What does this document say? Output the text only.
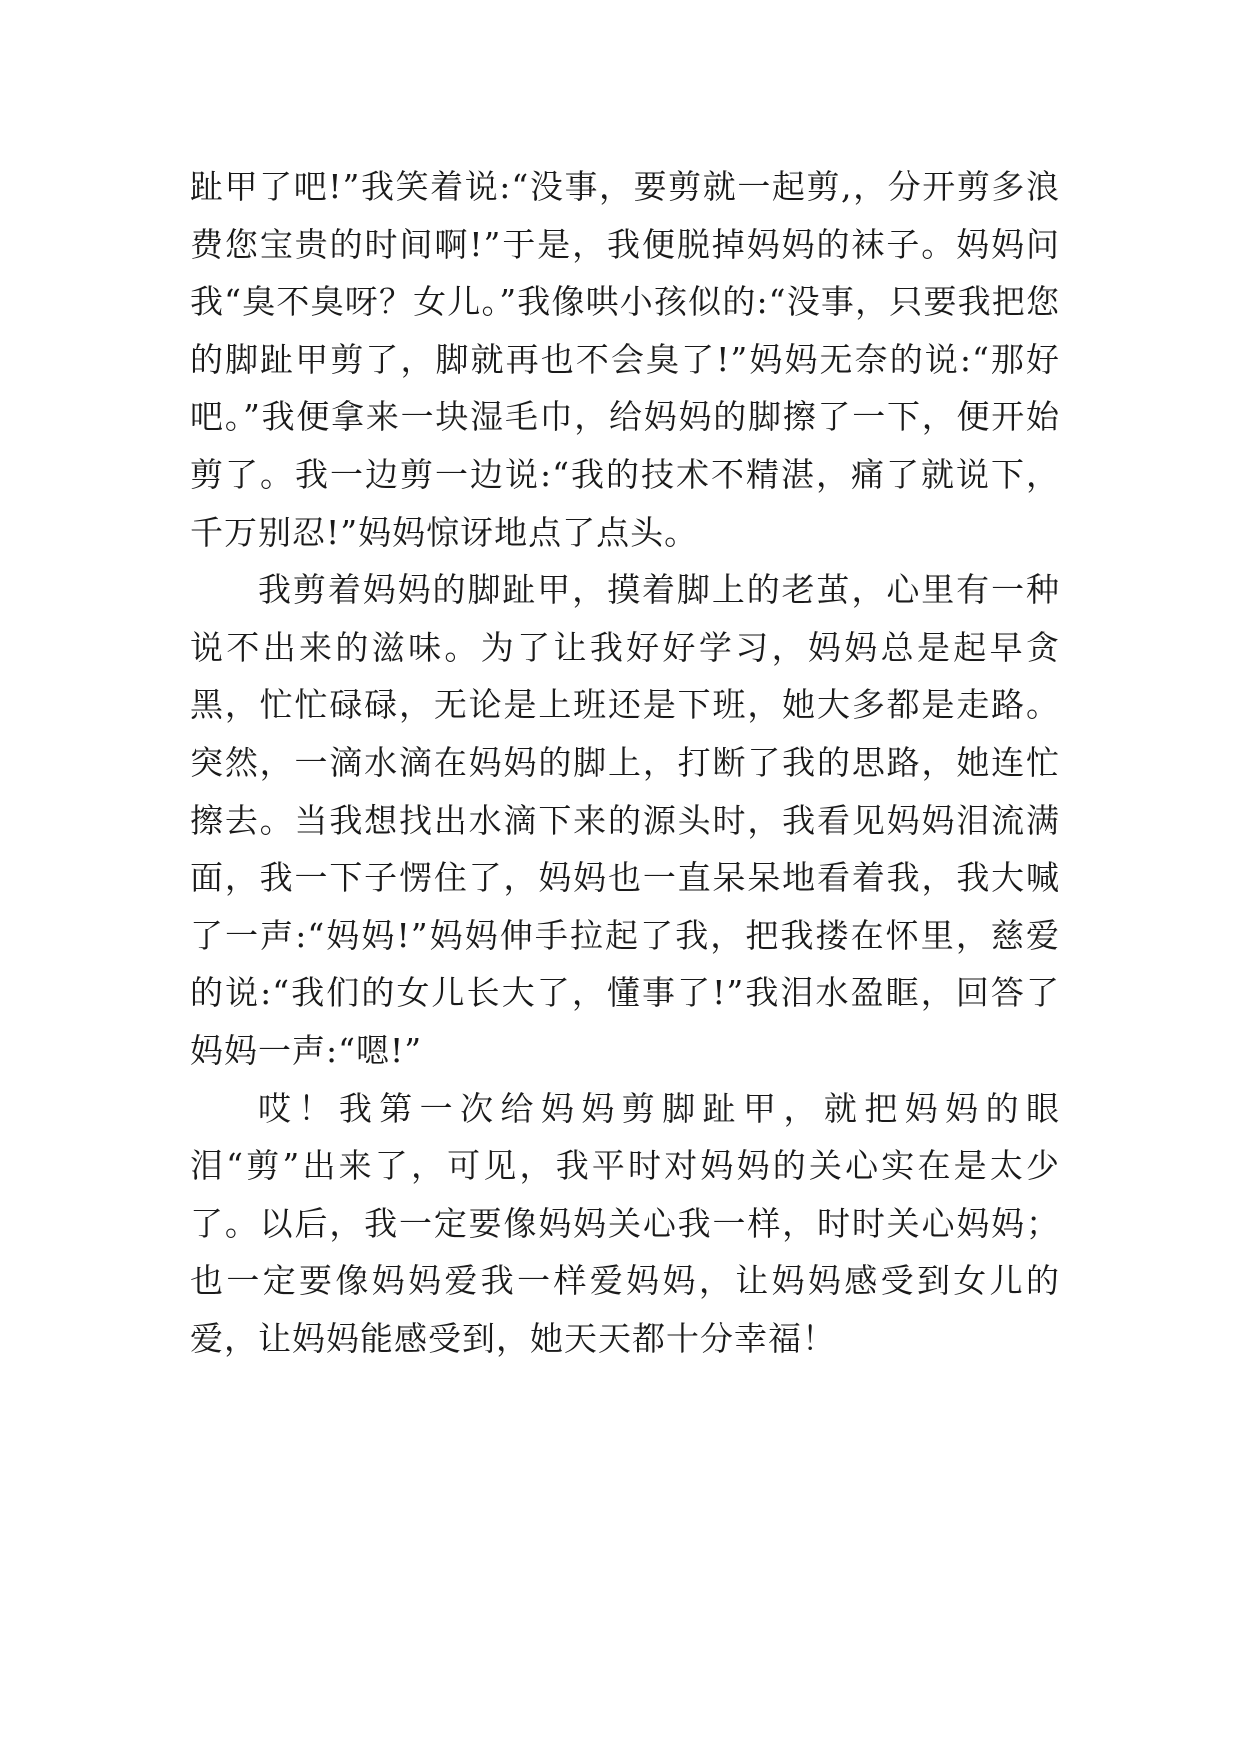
趾甲了吧!”我笑着说:“没事，要剪就一起剪,，分开剪多浪费您宝贵的时间啊!”于是，我便脱掉妈妈的袜子。妈妈问我“臭不臭呀？女儿。”我像哄小孩似的:“没事，只要我把您的脚趾甲剪了，脚就再也不会臭了!”妈妈无奈的说:“那好吧。”我便拿来一块湿毛巾，给妈妈的脚擦了一下，便开始剪了。我一边剪一边说:“我的技术不精湛，痛了就说下，千万别忍!”妈妈惊讶地点了点头。

我剪着妈妈的脚趾甲，摸着脚上的老茧，心里有一种说不出来的滋味。为了让我好好学习，妈妈总是起早贪黑，忙忙碌碌，无论是上班还是下班，她大多都是走路。突然，一滴水滴在妈妈的脚上，打断了我的思路，她连忙擦去。当我想找出水滴下来的源头时，我看见妈妈泪流满面，我一下子愣住了，妈妈也一直呆呆地看着我，我大喊了一声:“妈妈!”妈妈伸手拉起了我，把我搂在怀里，慈爱的说:“我们的女儿长大了，懂事了!”我泪水盈眶，回答了妈妈一声:“嗯!”

哎！我第一次给妈妈剪脚趾甲，就把妈妈的眼泪“剪”出来了，可见，我平时对妈妈的关心实在是太少了。以后，我一定要像妈妈关心我一样，时时关心妈妈；也一定要像妈妈爱我一样爱妈妈，让妈妈感受到女儿的爱，让妈妈能感受到，她天天都十分幸福！
